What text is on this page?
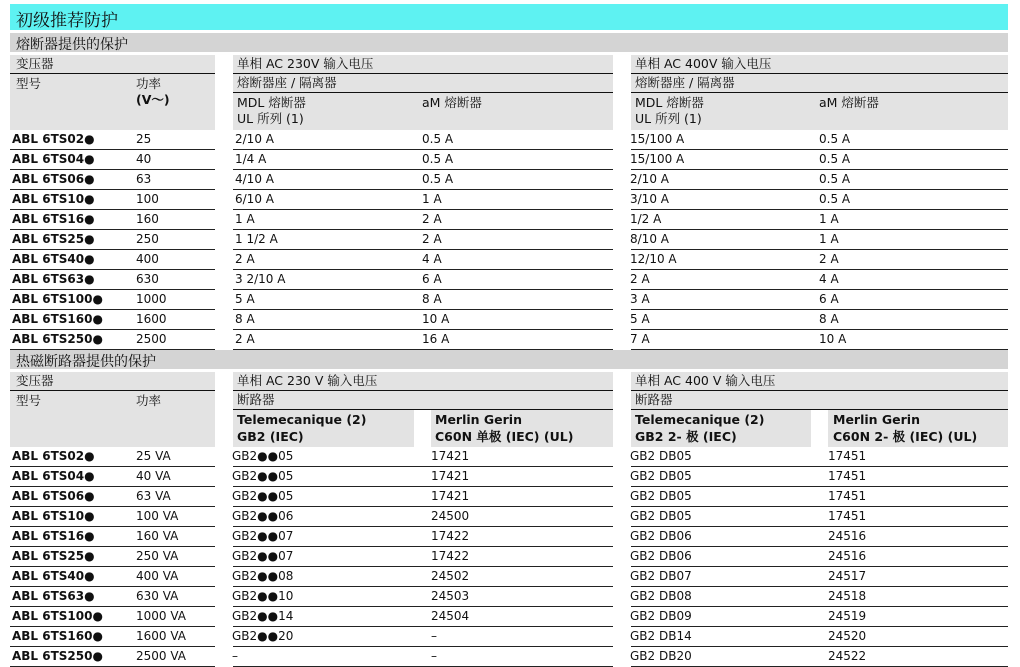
初级推荐防护
熔断器提供的保护
变压器
型号	功率
(V～)
单相 AC 230V 输入电压
熔断器座 / 隔离器
MDL 熔断器
UL 所列 (1)
aM 熔断器
单相 AC 400V 输入电压
熔断器座 / 隔离器
MDL 熔断器
UL 所列 (1)
aM 熔断器
ABL 6TS02●	25	2/10 A	0.5 A	15/100 A	0.5 A
ABL 6TS04●	40	1/4 A	0.5 A	15/100 A	0.5 A
ABL 6TS06●	63	4/10 A	0.5 A	2/10 A	0.5 A
ABL 6TS10●	100	6/10 A	1 A	3/10 A	0.5 A
ABL 6TS16●	160	1 A	2 A	1/2 A	1 A
ABL 6TS25●	250	1 1/2 A	2 A	8/10 A	1 A
ABL 6TS40●	400	2 A	4 A	12/10 A	2 A
ABL 6TS63●	630	3 2/10 A	6 A	2 A	4 A
ABL 6TS100●	1000	5 A	8 A	3 A	6 A
ABL 6TS160●	1600	8 A	10 A	5 A	8 A
ABL 6TS250●	2500	2 A	16 A	7 A	10 A
热磁断路器提供的保护
变压器
型号	功率
单相 AC 230 V 输入电压
断路器
Telemecanique (2)
GB2 (IEC)
Merlin Gerin
C60N 单极 (IEC) (UL)
单相 AC 400 V 输入电压
断路器
Telemecanique (2)
GB2 2- 极 (IEC)
Merlin Gerin
C60N 2- 极 (IEC) (UL)
ABL 6TS02●	25 VA	GB2●●05	17421	GB2 DB05	17451
ABL 6TS04●	40 VA	GB2●●05	17421	GB2 DB05	17451
ABL 6TS06●	63 VA	GB2●●05	17421	GB2 DB05	17451
ABL 6TS10●	100 VA	GB2●●06	24500	GB2 DB05	17451
ABL 6TS16●	160 VA	GB2●●07	17422	GB2 DB06	24516
ABL 6TS25●	250 VA	GB2●●07	17422	GB2 DB06	24516
ABL 6TS40●	400 VA	GB2●●08	24502	GB2 DB07	24517
ABL 6TS63●	630 VA	GB2●●10	24503	GB2 DB08	24518
ABL 6TS100●	1000 VA	GB2●●14	24504	GB2 DB09	24519
ABL 6TS160●	1600 VA	GB2●●20	–	GB2 DB14	24520
ABL 6TS250●	2500 VA	–	–	GB2 DB20	24522
